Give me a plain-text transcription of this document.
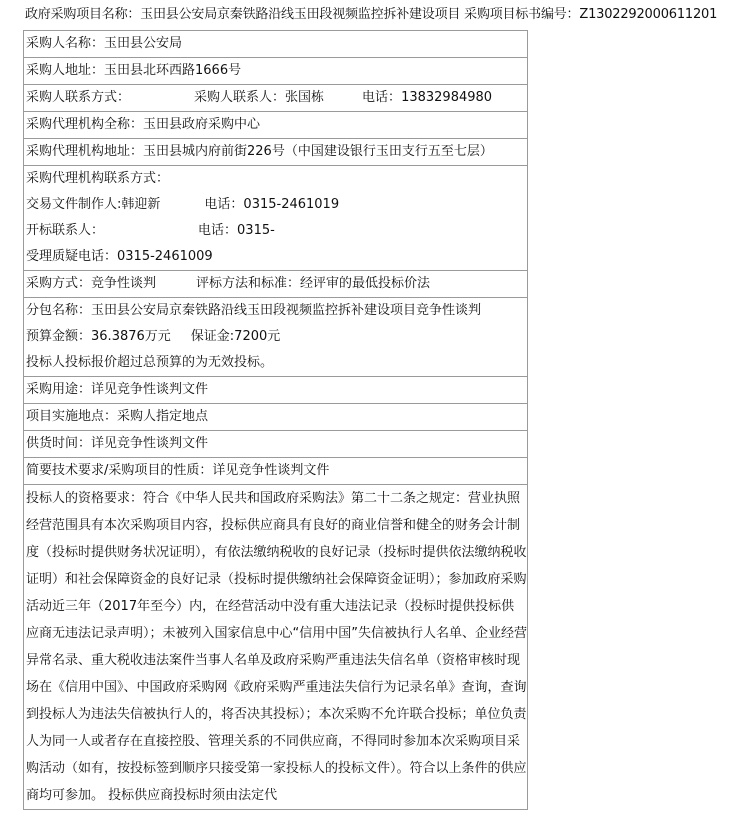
政府采购项目名称：玉田县公安局京秦铁路沿线玉田段视频监控拆补建设项目 采购项目标书编号：Z1302292000611201
采购人名称：玉田县公安局
采购人地址：玉田县北环西路1666号
采购人联系方式：	采购人联系人：张国栋	电话：13832984980
采购代理机构全称：玉田县政府采购中心
采购代理机构地址：玉田县城内府前街226号（中国建设银行玉田支行五至七层）

采购代理机构联系方式：
交易文件制作人:韩迎新	电话：0315-2461019
开标联系人：	电话：0315-
受理质疑电话：0315-2461009

采购方式：竞争性谈判	评标方法和标准：经评审的最低投标价法

分包名称：玉田县公安局京秦铁路沿线玉田段视频监控拆补建设项目竞争性谈判
预算金额：36.3876万元 保证金:7200元
投标人投标报价超过总预算的为无效投标。

采购用途：详见竞争性谈判文件
项目实施地点：采购人指定地点
供货时间：详见竞争性谈判文件
简要技术要求/采购项目的性质：详见竞争性谈判文件
投标人的资格要求：符合《中华人民共和国政府采购法》第二十二条之规定：营业执照经营范围具有本次采购项目内容，投标供应商具有良好的商业信誉和健全的财务会计制度（投标时提供财务状况证明），有依法缴纳税收的良好记录（投标时提供依法缴纳税收证明）和社会保障资金的良好记录（投标时提供缴纳社会保障资金证明）；参加政府采购活动近三年（2017年至今）内，在经营活动中没有重大违法记录（投标时提供投标供应商无违法记录声明）；未被列入国家信息中心“信用中国”失信被执行人名单、企业经营异常名录、重大税收违法案件当事人名单及政府采购严重违法失信名单（资格审核时现场在《信用中国》、中国政府采购网《政府采购严重违法失信行为记录名单》查询，查询到投标人为违法失信被执行人的，将否决其投标）；本次采购不允许联合投标；单位负责人为同一人或者存在直接控股、管理关系的不同供应商，不得同时参加本次采购项目采购活动（如有，按投标签到顺序只接受第一家投标人的投标文件）。符合以上条件的供应商均可参加。 投标供应商投标时须由法定代
